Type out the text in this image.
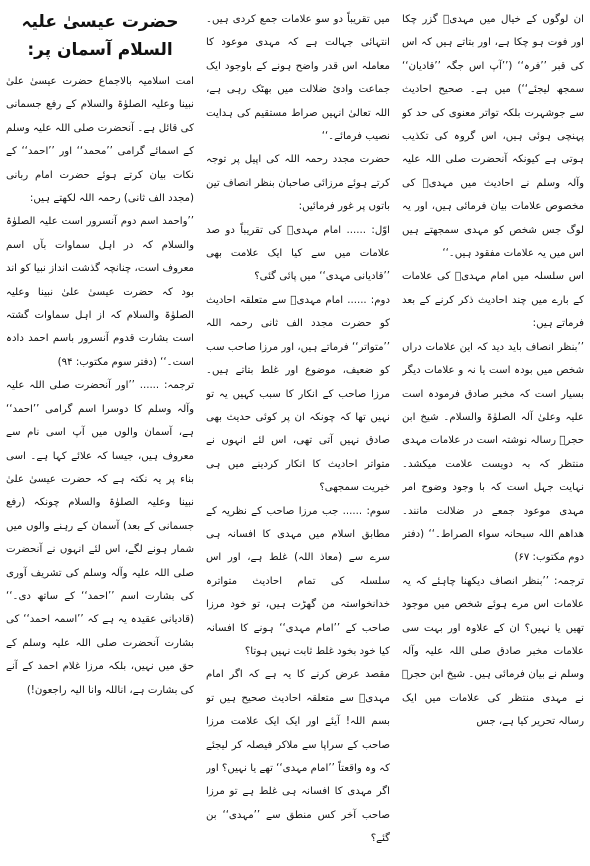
ان لوگوں کے خیال میں مہدیؑ گزر چکا اور فوت ہو چکا ہے، اور بتاتے ہیں کہ اس کی قبر ’’فرہ‘‘ (’’آپ اس جگہ ’’قادیان‘‘ سمجھ لیجئے‘‘) میں ہے۔ صحیح احادیث سے جوشہرت بلکہ تواتر معنوی کی حد کو پہنچی ہوئی ہیں، اس گروہ کی تکذیب ہوتی ہے کیونکہ آنحضرت صلی اللہ علیہ وآلہ وسلم نے احادیث میں مہدیؑ کی مخصوص علامات بیان فرمائی ہیں، اور یہ لوگ جس شخص کو مہدی سمجھتے ہیں اس میں یہ علامات مفقود ہیں۔‘‘

اس سلسلہ میں امام مہدیؑ کی علامات کے بارے میں چند احادیث ذکر کرنے کے بعد فرماتے ہیں:

’’بنظر انصاف باید دید کہ این علامات دراں شخص میں بودہ است یا نہ و علامات دیگر بسیار است کہ مخبر صادق فرمودہ است علیہ وعلیٰ آلہ الصلوٰۃ والسلام۔ شیخ ابن حجرؒ رسالہ نوشتہ است در علامات مہدی منتظر کہ بہ دویست علامت میکشد۔ نہایت جہل است کہ با وجود وضوح امر مہدی موعود جمعے در ضلالت مانند۔ ھداھم اللہ سبحانہ سواء الصراط۔‘‘ (دفتر دوم مکتوب: ۶۷)

ترجمہ: ’’بنظر انصاف دیکھنا چاہئے کہ یہ علامات اس مرے ہوئے شخص میں موجود تھیں یا نہیں؟ ان کے علاوہ اور بہت سی علامات مخبر صادق صلی اللہ علیہ وآلہ وسلم نے بیان فرمائی ہیں۔ شیخ ابن حجرؒ نے مہدی منتظر کی علامات میں ایک رسالہ تحریر کیا ہے، جس

میں تقریباً دو سو علامات جمع کردی ہیں۔ انتہائی جہالت ہے کہ مہدی موعود کا معاملہ اس قدر واضح ہونے کے باوجود ایک جماعت وادیٔ ضلالت میں بھٹک رہی ہے، اللہ تعالیٰ انہیں صراط مستقیم کی ہدایت نصیب فرمائے۔‘‘

حضرت مجدد رحمہ اللہ کی اپیل پر توجہ کرتے ہوئے مرزائی صاحبان بنظر انصاف تین باتوں پر غور فرمائیں:

اوّل: ...... امام مہدیؑ کی تقریباً دو صد علامات میں سے کیا ایک علامت بھی ’’قادیانی مہدی‘‘ میں پائی گئی؟

دوم: ...... امام مہدیؑ سے متعلقہ احادیث کو حضرت مجدد الف ثانی رحمہ اللہ ’’متواتر‘‘ فرماتے ہیں، اور مرزا صاحب سب کو ضعیف، موضوع اور غلط بتاتے ہیں۔ مرزا صاحب کے انکار کا سبب کہیں یہ تو نہیں تھا کہ چونکہ ان پر کوئی حدیث بھی صادق نہیں آتی تھی، اس لئے انہوں نے متواتر احادیث کا انکار کردینے میں ہی خیریت سمجھی؟

سوم: ...... جب مرزا صاحب کے نظریہ کے مطابق اسلام میں مہدی کا افسانہ ہی سرے سے (معاذ اللہ) غلط ہے، اور اس سلسلہ کی تمام احادیث متواترہ خدانخواستہ من گھڑت ہیں، تو خود مرزا صاحب کے ’’امام مہدی‘‘ ہونے کا افسانہ کیا خود بخود غلط ثابت نہیں ہوتا؟

مقصد عرض کرنے کا یہ ہے کہ اگر امام مہدیؑ سے متعلقہ احادیث صحیح ہیں تو بسم اللہ! آیئے اور ایک ایک علامت مرزا صاحب کے سراپا سے ملاکر فیصلہ کر لیجئے کہ وہ واقعتاً ’’امام مہدی‘‘ تھے یا نہیں؟ اور اگر مہدی کا افسانہ ہی غلط ہے تو مرزا صاحب آخر کس منطق سے ’’مہدی‘‘ بن گئے؟

حضرت عیسیٰ علیہ السلام آسمان پر:

امت اسلامیہ بالاجماع حضرت عیسیٰ علیٰ نبینا وعلیہ الصلوٰۃ والسلام کے رفع جسمانی کی قائل ہے۔ آنحضرت صلی اللہ علیہ وسلم کے اسمائے گرامی ’’محمد‘‘ اور ’’احمد‘‘ کے نکات بیان کرتے ہوئے حضرت امام ربانی (مجدد الف ثانی) رحمہ اللہ لکھتے ہیں:

’’واحمد اسم دوم آنسرور است علیہ الصلوٰۃ والسلام کہ در اہل سماوات بآں اسم معروف است، چنانچہ گذشت انداز نبیا کو اند بود کہ حضرت عیسیٰ علیٰ نبینا وعلیہ الصلوٰۃ والسلام کہ از اہل سماوات گشتہ است بشارت قدوم آنسرور باسم احمد دادہ است۔‘‘ (دفتر سوم مکتوب: ۹۴)

ترجمہ: ...... ’’اور آنحضرت صلی اللہ علیہ وآلہ وسلم کا دوسرا اسم گرامی ’’احمد‘‘ ہے، آسمان والوں میں آپ اسی نام سے معروف ہیں، جیسا کہ علائے کہا ہے۔ اسی بناء پر یہ نکتہ ہے کہ حضرت عیسیٰ علیٰ نبینا وعلیہ الصلوٰۃ والسلام چونکہ (رفع جسمانی کے بعد) آسمان کے رہنے والوں میں شمار ہونے لگے، اس لئے انہوں نے آنحضرت صلی اللہ علیہ وآلہ وسلم کی تشریف آوری کی بشارت اسم ’’احمد‘‘ کے ساتھ دی۔‘‘ (قادیانی عقیدہ یہ ہے کہ ’’اسمہ احمد‘‘ کی بشارت آنحضرت صلی اللہ علیہ وسلم کے حق میں نہیں، بلکہ مرزا غلام احمد کے آنے کی بشارت ہے، اناللہ وانا الیہ راجعون!)
